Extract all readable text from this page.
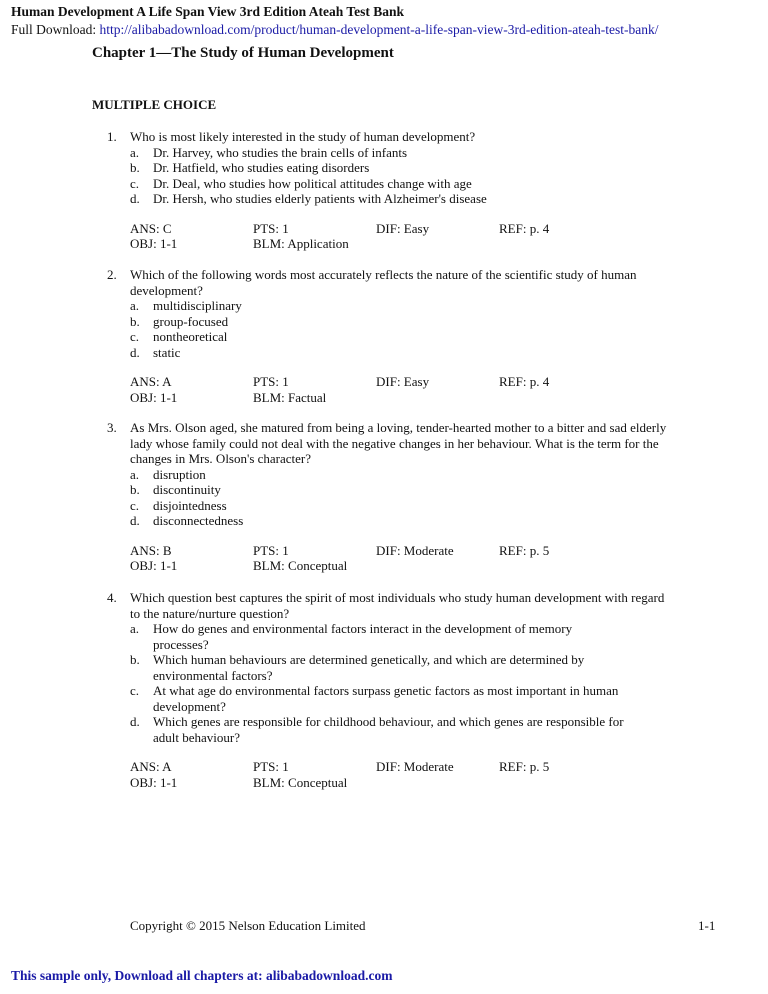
Human Development A Life Span View 3rd Edition Ateah Test Bank
Full Download: http://alibabadownload.com/product/human-development-a-life-span-view-3rd-edition-ateah-test-bank/
Chapter 1—The Study of Human Development
MULTIPLE CHOICE
1. Who is most likely interested in the study of human development?
a. Dr. Harvey, who studies the brain cells of infants
b. Dr. Hatfield, who studies eating disorders
c. Dr. Deal, who studies how political attitudes change with age
d. Dr. Hersh, who studies elderly patients with Alzheimer's disease
ANS: C	PTS: 1	DIF: Easy	REF: p. 4
OBJ: 1-1	BLM: Application
2. Which of the following words most accurately reflects the nature of the scientific study of human
development?
a. multidisciplinary
b. group-focused
c. nontheoretical
d. static
ANS: A	PTS: 1	DIF: Easy	REF: p. 4
OBJ: 1-1	BLM: Factual
3. As Mrs. Olson aged, she matured from being a loving, tender-hearted mother to a bitter and sad elderly
lady whose family could not deal with the negative changes in her behaviour. What is the term for the
changes in Mrs. Olson's character?
a. disruption
b. discontinuity
c. disjointedness
d. disconnectedness
ANS: B	PTS: 1	DIF: Moderate	REF: p. 5
OBJ: 1-1	BLM: Conceptual
4. Which question best captures the spirit of most individuals who study human development with regard
to the nature/nurture question?
a. How do genes and environmental factors interact in the development of memory
processes?
b. Which human behaviours are determined genetically, and which are determined by
environmental factors?
c. At what age do environmental factors surpass genetic factors as most important in human
development?
d. Which genes are responsible for childhood behaviour, and which genes are responsible for
adult behaviour?
ANS: A	PTS: 1	DIF: Moderate	REF: p. 5
OBJ: 1-1	BLM: Conceptual
Copyright © 2015 Nelson Education Limited	1-1
This sample only, Download all chapters at: alibabadownload.com
